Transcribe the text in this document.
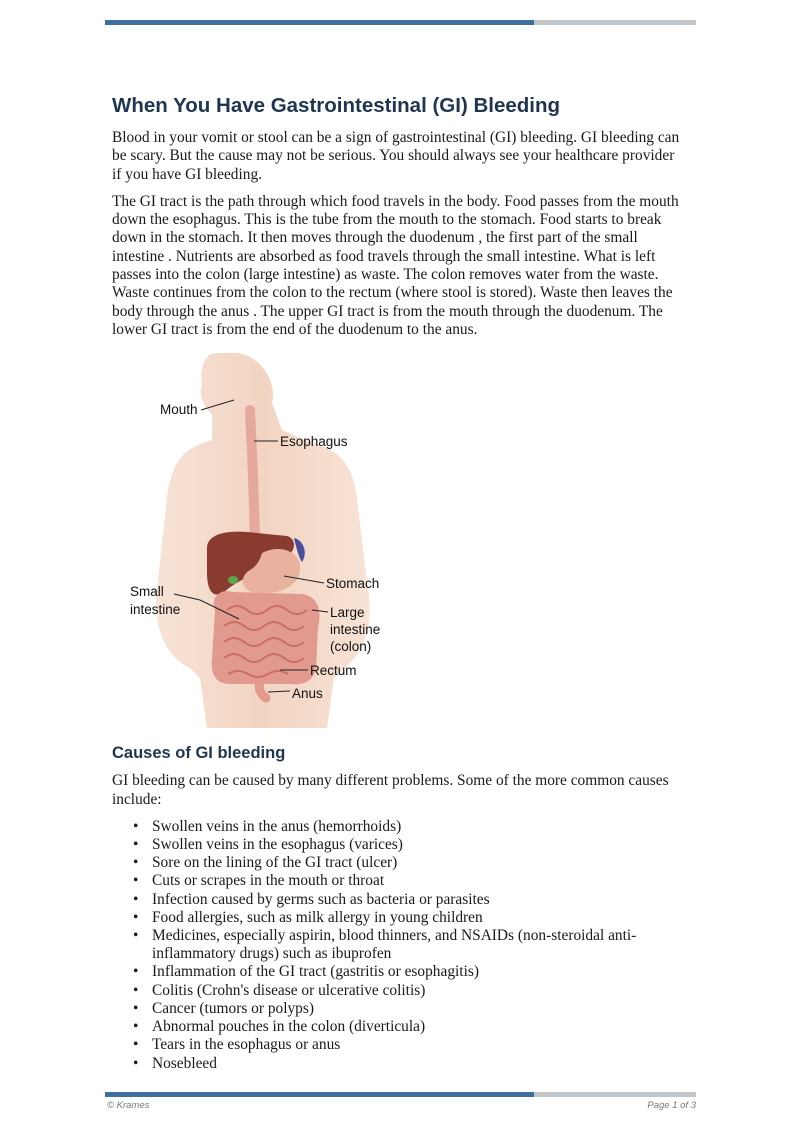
When You Have Gastrointestinal (GI) Bleeding

Blood in your vomit or stool can be a sign of gastrointestinal (GI) bleeding. GI bleeding can be scary. But the cause may not be serious. You should always see your healthcare provider if you have GI bleeding.

The GI tract is the path through which food travels in the body. Food passes from the mouth down the esophagus. This is the tube from the mouth to the stomach. Food starts to break down in the stomach. It then moves through the duodenum , the first part of the small intestine . Nutrients are absorbed as food travels through the small intestine. What is left passes into the colon (large intestine) as waste. The colon removes water from the waste. Waste continues from the colon to the rectum (where stool is stored). Waste then leaves the body through the anus . The upper GI tract is from the mouth through the duodenum. The lower GI tract is from the end of the duodenum to the anus.

Mouth
Esophagus
Stomach
Small
intestine	Large
intestine
(colon)
Rectum
Anus
Causes of GI bleeding

GI bleeding can be caused by many different problems. Some of the more common causes include:

• Swollen veins in the anus (hemorrhoids)
• Swollen veins in the esophagus (varices)
• Sore on the lining of the GI tract (ulcer)
• Cuts or scrapes in the mouth or throat
• Infection caused by germs such as bacteria or parasites
• Food allergies, such as milk allergy in young children
• Medicines, especially aspirin, blood thinners, and NSAIDs (non-steroidal anti-inflammatory drugs) such as ibuprofen
• Inflammation of the GI tract (gastritis or esophagitis)
• Colitis (Crohn's disease or ulcerative colitis)
• Cancer (tumors or polyps)
• Abnormal pouches in the colon (diverticula)
• Tears in the esophagus or anus
• Nosebleed
© Krames	Page 1 of 3
